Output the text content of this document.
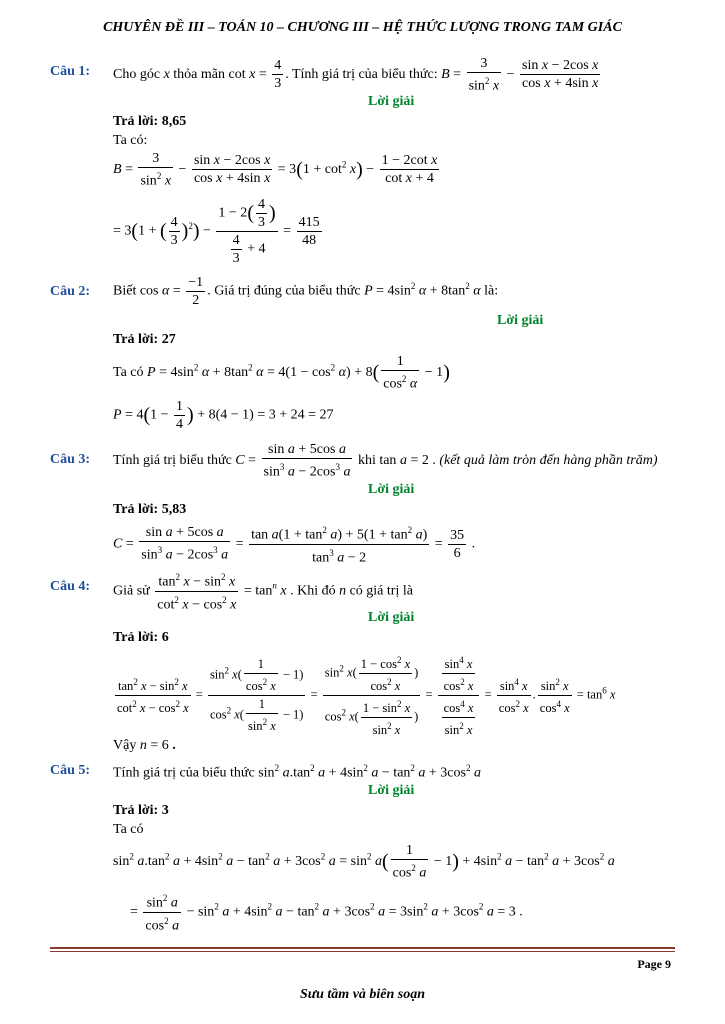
CHUYÊN ĐỀ III – TOÁN 10 – CHƯƠNG III – HỆ THỨC LƯỢNG TRONG TAM GIÁC
Câu 1: Cho góc x thỏa mãn $\cot x = \frac{4}{3}$ . Tính giá trị của biểu thức: $B = \frac{3}{\sin^2 x} - \frac{\text{sin x − 2cos x}}{\text{cos x + 4sin x}}$
Lời giải
Trả lời: 8,65
Ta có:
$B = \frac{3}{\sin^2 x} - \frac{\text{sin x − 2cos x}}{\text{cos x + 4sin x}} = 3(1 + \cot^2 x) - \frac{\text{1 − 2cot x}}{\text{cot x + 4}}$
= 3(1 + ( $\frac{4}{3} )^2) - \frac{1 - 2( \frac{4}{3} )}{\frac{4}{3} + 4} = \frac{415}{48}$
Câu 2: Biết $\cos \alpha = \frac{-1}{2}$ . Giá trị đúng của biểu thức $P = 4\sin^2$ $\alpha + 8\tan^2$ α là:
Lời giải
Trả lời: 27
Ta có $P = 4\sin^2$ $\alpha + 8\tan^2$ $\alpha = 4(1 - \cos^2 \alpha) + 8( \frac{1}{\cos^2 \alpha} - 1)$
$P = 4(1 - \frac{1}{4}$ ) + 8(4 − 1) = 3 + 24 = 27
Câu 3: Tính giá trị biểu thức $C = \frac{\text{sin a + 5cos a}}{\sin^3 a - 2\cos^3 a}$ khi tan a = 2 . (kết quả làm tròn đến hàng phần trăm)
Lời giải
Trả lời: 5,83
$C = \frac{\text{sin a + 5cos a}}{\sin^3 a - 2\cos^3 a} = \frac{\tan a(1 + \tan^2 a) + 5(1 + \tan^2 a)}{\tan^3 a - 2} = \frac{35}{6}$ .
Câu 4: Giả sử $\frac{\tan^2 x - \sin^2 x}{\cot^2 x - \cos^2 x} = \tan^n x$ . Khi đó n có giá trị là
Lời giải
Trả lời: 6
$\frac{\tan^2 x - \sin^2 x}{\cot^2 x - \cos^2 x} = \frac{\sin^2 x( \frac{1}{\cos^2 x} - 1)}{\cos^2 x( \frac{1}{\sin^2 x} - 1)} = \frac{\sin^2 x( \frac{1 - \cos^2 x}{\cos^2 x} )}{\cos^2 x( \frac{1 - \sin^2 x}{\sin^2 x} )} = \frac{\frac{\sin^4 x}{\cos^2 x}}{\frac{\cos^4 x}{\sin^2 x}} = \frac{\sin^4 x}{\cos^2 x}$ . $\frac{\sin^2 x}{\cos^4 x} = \tan^6 x$
Vậy n = 6 .
Câu 5: Tính giá trị của biểu thức $\sin^2 a.\tan^2$ $a + 4\sin^2$ $a - \tan^2 a + 3\cos^2$ a
Lời giải
Trả lời: 3
Ta có
$\sin^2 a.\tan^2$ $a + 4\sin^2$ $a - \tan^2 a + 3\cos^2$ $a = \sin^2 a( \frac{1}{\cos^2 a} - 1) + 4\sin^2$ $a - \tan^2 a + 3\cos^2$ a
= $\frac{\sin^2 a}{\cos^2 a} - \sin^2 a + 4\sin^2$ $a - \tan^2 a + 3\cos^2$ $a = 3\sin^2$ $a + 3\cos^2$ a = 3 .
Page 9
Sưu tầm và biên soạn
